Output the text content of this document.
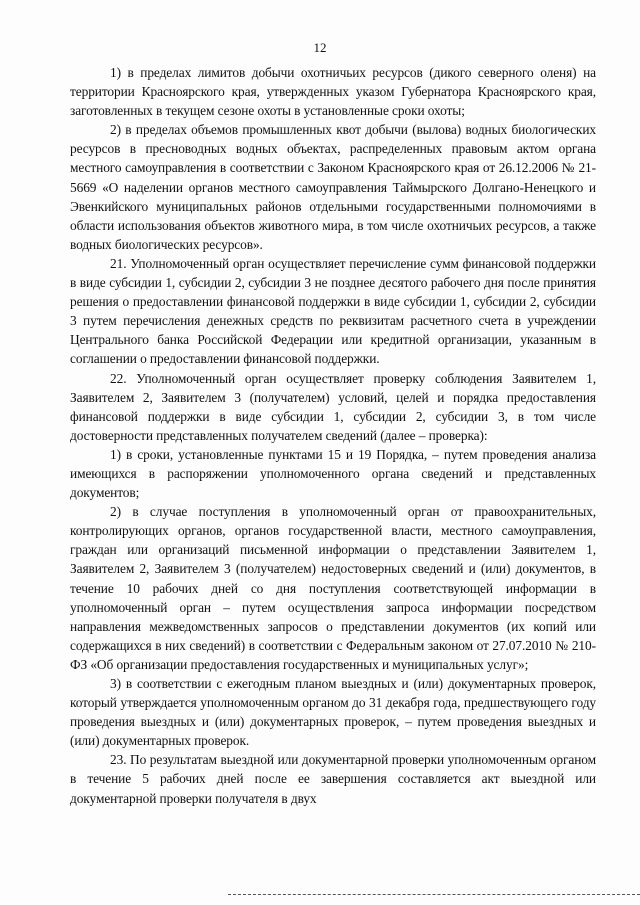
12

1) в пределах лимитов добычи охотничьих ресурсов (дикого северного оленя) на территории Красноярского края, утвержденных указом Губернатора Красноярского края, заготовленных в текущем сезоне охоты в установленные сроки охоты;

2) в пределах объемов промышленных квот добычи (вылова) водных биологических ресурсов в пресноводных водных объектах, распределенных правовым актом органа местного самоуправления в соответствии с Законом Красноярского края от 26.12.2006 № 21-5669 «О наделении органов местного самоуправления Таймырского Долгано-Ненецкого и Эвенкийского муниципальных районов отдельными государственными полномочиями в области использования объектов животного мира, в том числе охотничьих ресурсов, а также водных биологических ресурсов».

21. Уполномоченный орган осуществляет перечисление сумм финансовой поддержки в виде субсидии 1, субсидии 2, субсидии 3 не позднее десятого рабочего дня после принятия решения о предоставлении финансовой поддержки в виде субсидии 1, субсидии 2, субсидии 3 путем перечисления денежных средств по реквизитам расчетного счета в учреждении Центрального банка Российской Федерации или кредитной организации, указанным в соглашении о предоставлении финансовой поддержки.

22. Уполномоченный орган осуществляет проверку соблюдения Заявителем 1, Заявителем 2, Заявителем 3 (получателем) условий, целей и порядка предоставления финансовой поддержки в виде субсидии 1, субсидии 2, субсидии 3, в том числе достоверности представленных получателем сведений (далее – проверка):

1) в сроки, установленные пунктами 15 и 19 Порядка, – путем проведения анализа имеющихся в распоряжении уполномоченного органа сведений и представленных документов;

2) в случае поступления в уполномоченный орган от правоохранительных, контролирующих органов, органов государственной власти, местного самоуправления, граждан или организаций письменной информации о представлении Заявителем 1, Заявителем 2, Заявителем 3 (получателем) недостоверных сведений и (или) документов, в течение 10 рабочих дней со дня поступления соответствующей информации в уполномоченный орган – путем осуществления запроса информации посредством направления межведомственных запросов о представлении документов (их копий или содержащихся в них сведений) в соответствии с Федеральным законом от 27.07.2010 № 210-ФЗ «Об организации предоставления государственных и муниципальных услуг»;

3) в соответствии с ежегодным планом выездных и (или) документарных проверок, который утверждается уполномоченным органом до 31 декабря года, предшествующего году проведения выездных и (или) документарных проверок, – путем проведения выездных и (или) документарных проверок.

23. По результатам выездной или документарной проверки уполномоченным органом в течение 5 рабочих дней после ее завершения составляется акт выездной или документарной проверки получателя в двух
